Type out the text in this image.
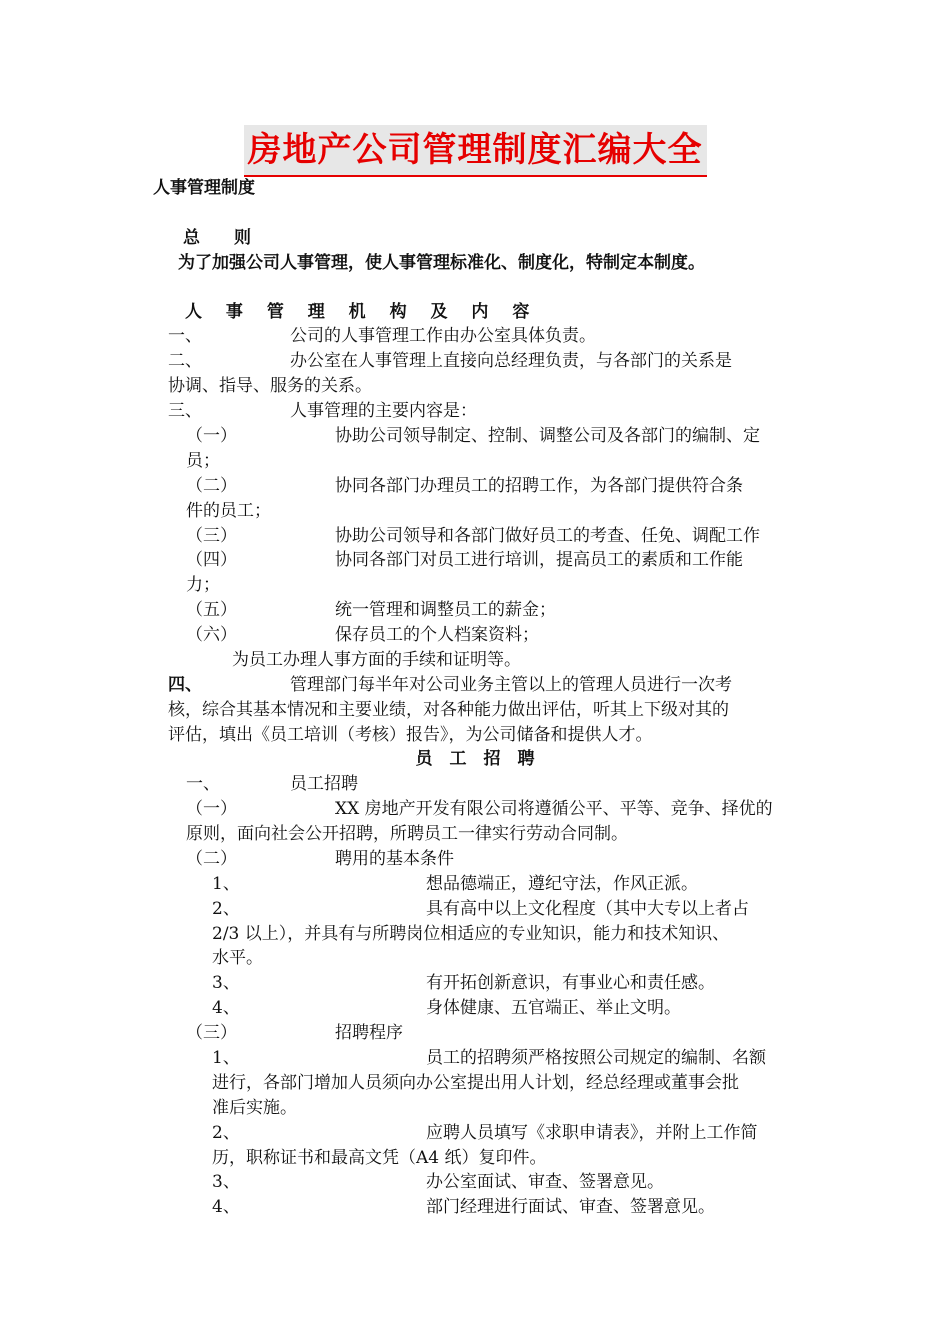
房地产公司管理制度汇编大全
人事管理制度
总　　则
为了加强公司人事管理，使人事管理标准化、制度化，特制定本制度。
人 事 管 理 机 构 及 内 容
一、	公司的人事管理工作由办公室具体负责。
二、	办公室在人事管理上直接向总经理负责，与各部门的关系是
协调、指导、服务的关系。
三、	人事管理的主要内容是：
（一）	协助公司领导制定、控制、调整公司及各部门的编制、定
员；
（二）	协同各部门办理员工的招聘工作，为各部门提供符合条
件的员工；
（三）	协助公司领导和各部门做好员工的考查、任免、调配工作
（四）	协同各部门对员工进行培训，提高员工的素质和工作能
力；
（五）	统一管理和调整员工的薪金；
（六）	保存员工的个人档案资料；
为员工办理人事方面的手续和证明等。
四、	管理部门每半年对公司业务主管以上的管理人员进行一次考
核，综合其基本情况和主要业绩，对各种能力做出评估，听其上下级对其的
评估，填出《员工培训（考核）报告》，为公司储备和提供人才。
员　工　招　聘
一、	员工招聘
（一）	XX 房地产开发有限公司将遵循公平、平等、竞争、择优的
原则，面向社会公开招聘，所聘员工一律实行劳动合同制。
（二）	聘用的基本条件
1、	想品德端正，遵纪守法，作风正派。
2、	具有高中以上文化程度（其中大专以上者占
2/3 以上），并具有与所聘岗位相适应的专业知识，能力和技术知识、
水平。
3、	有开拓创新意识，有事业心和责任感。
4、	身体健康、五官端正、举止文明。
（三）	招聘程序
1、	员工的招聘须严格按照公司规定的编制、名额
进行，各部门增加人员须向办公室提出用人计划，经总经理或董事会批
准后实施。
2、	应聘人员填写《求职申请表》，并附上工作简
历，职称证书和最高文凭（A4 纸）复印件。
3、	办公室面试、审查、签署意见。
4、	部门经理进行面试、审查、签署意见。
